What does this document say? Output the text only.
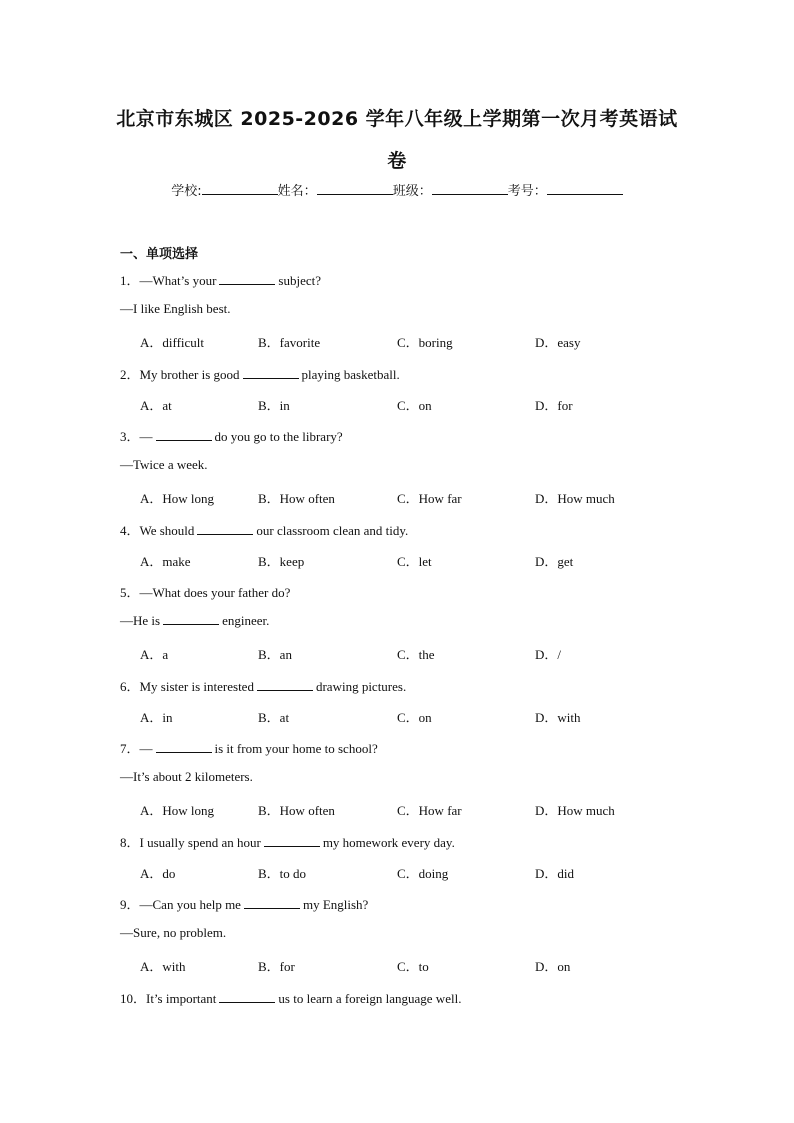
北京市东城区 2025-2026 学年八年级上学期第一次月考英语试
卷
学校:	姓名：	班级：	考号：
一、单项选择
1．—What’s your	subject?
—I like English best.
A．difficult	B．favorite	C．boring	D．easy
2．My brother is good	playing basketball.
A．at	B．in	C．on	D．for
3．—	do you go to the library?
—Twice a week.
A．How long	B．How often	C．How far	D．How much
4．We should	our classroom clean and tidy.
A．make	B．keep	C．let	D．get
5．—What does your father do?
—He is	engineer.
A．a	B．an	C．the	D．/
6．My sister is interested	drawing pictures.
A．in	B．at	C．on	D．with
7．—	is it from your home to school?
—It’s about 2 kilometers.
A．How long	B．How often	C．How far	D．How much
8．I usually spend an hour	my homework every day.
A．do	B．to do	C．doing	D．did
9．—Can you help me	my English?
—Sure, no problem.
A．with	B．for	C．to	D．on
10．It’s important	us to learn a foreign language well.
